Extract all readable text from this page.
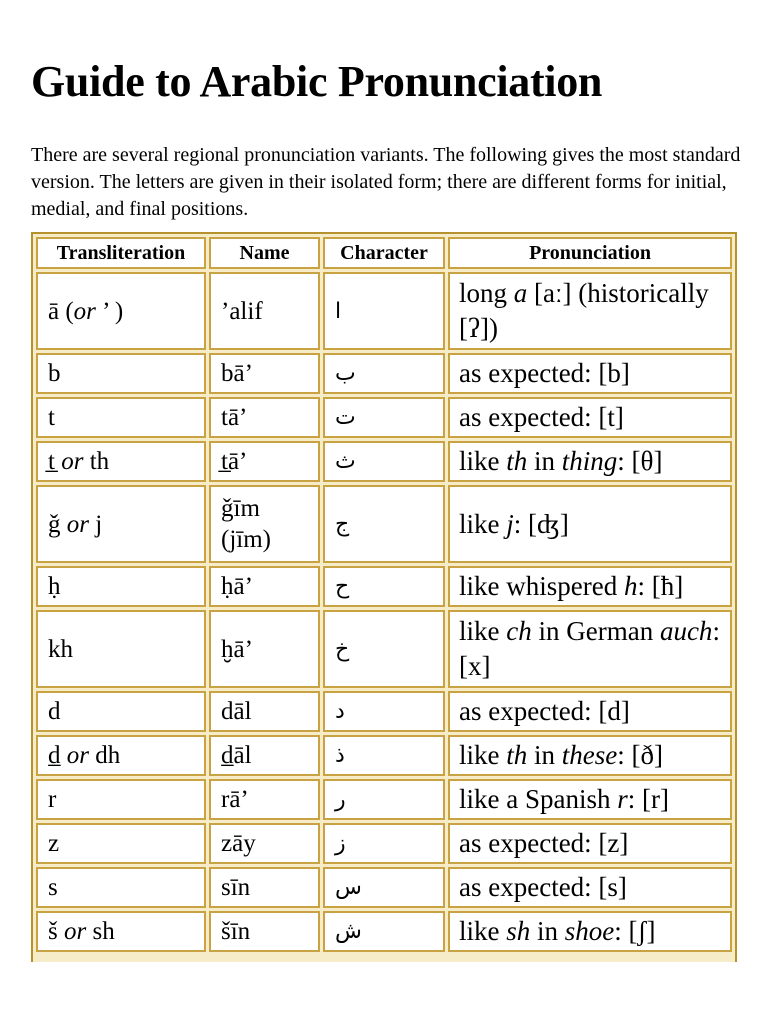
Guide to Arabic Pronunciation

There are several regional pronunciation variants. The following gives the most standard version. The letters are given in their isolated form; there are different forms for initial, medial, and final positions.

Transliteration	Name	Character	Pronunciation
ā (or ’ )	’alif	ا	long a [aː] (historically [ʔ])
b	bā’	ب	as expected: [b]
t	tā’	ت	as expected: [t]
t̲ or th	t̲ā’	ث	like th in thing: [θ]
ǧ or j	ǧīm (jīm)	ج	like j: [ʤ]
ḥ	ḥā’	ح	like whispered h: [ħ]
kh	ḫā’	خ	like ch in German auch: [x]
d	dāl	د	as expected: [d]
d̲ or dh	d̲āl	ذ	like th in these: [ð]
r	rā’	ر	like a Spanish r: [r]
z	zāy	ز	as expected: [z]
s	sīn	س	as expected: [s]
š or sh	šīn	ش	like sh in shoe: [ʃ]
